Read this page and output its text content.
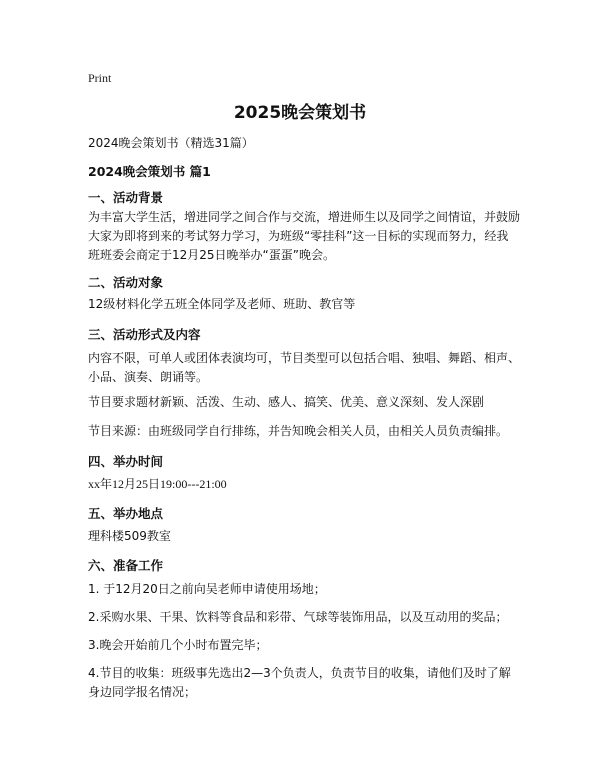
Print
2025晚会策划书
2024晚会策划书（精选31篇）
2024晚会策划书 篇1
一、活动背景
为丰富大学生活，增进同学之间合作与交流，增进师生以及同学之间情谊，并鼓励大家为即将到来的考试努力学习，为班级“零挂科”这一目标的实现而努力，经我班班委会商定于12月25日晚举办“蛋蛋”晚会。
二、活动对象
12级材料化学五班全体同学及老师、班助、教官等
三、活动形式及内容
内容不限，可单人或团体表演均可，节目类型可以包括合唱、独唱、舞蹈、相声、小品、演奏、朗诵等。
节目要求题材新颖、活泼、生动、感人、搞笑、优美、意义深刻、发人深剧
节目来源：由班级同学自行排练，并告知晚会相关人员，由相关人员负责编排。
四、举办时间
xx年12月25日19:00---21:00
五、举办地点
理科楼509教室
六、准备工作
1. 于12月20日之前向吴老师申请使用场地；
2.采购水果、干果、饮料等食品和彩带、气球等装饰用品，以及互动用的奖品；
3.晚会开始前几个小时布置完毕；
4.节目的收集：班级事先选出2—3个负责人，负责节目的收集，请他们及时了解身边同学报名情况；
